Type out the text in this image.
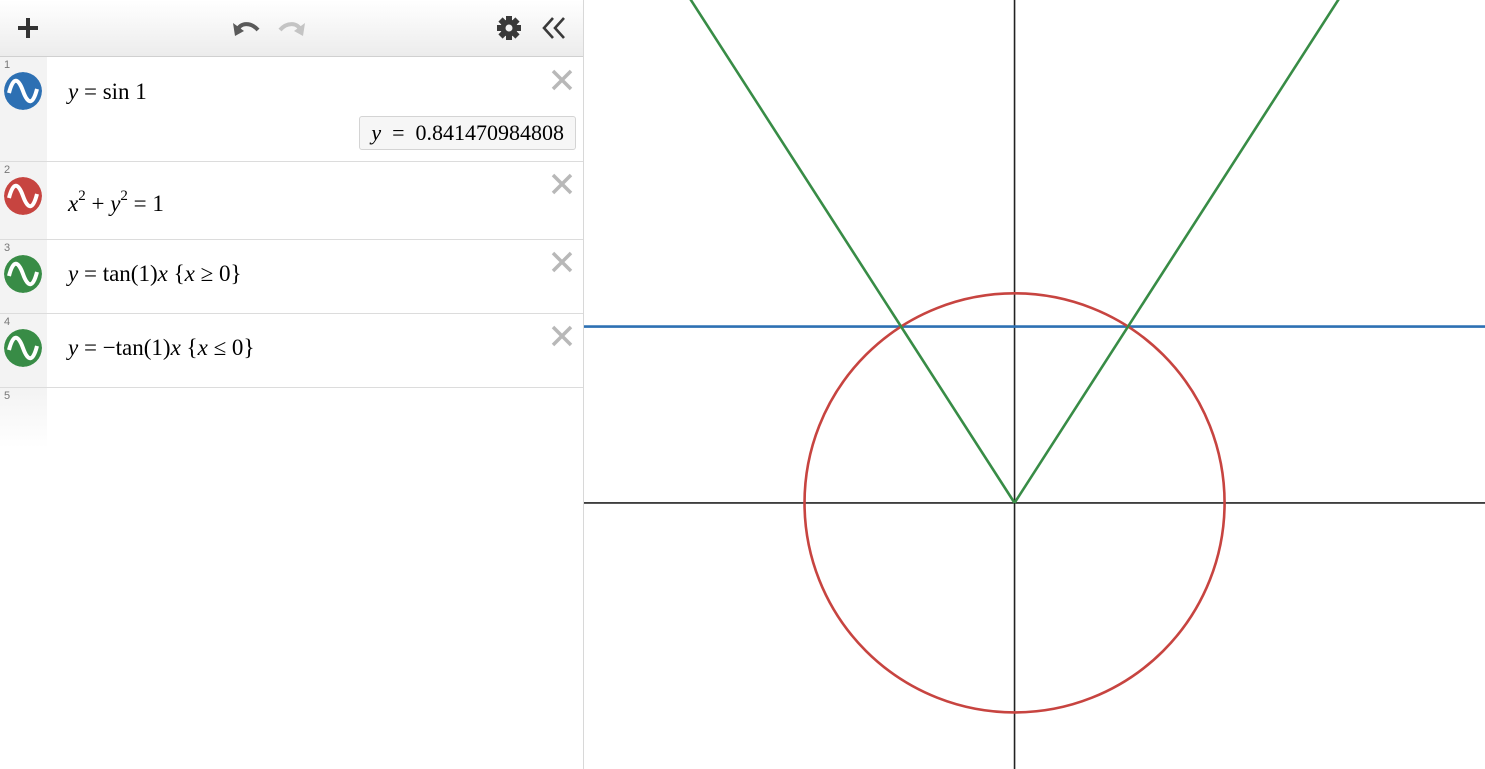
1
y = sin 1
y = 0.841470984808
2
$x^2 + y^2 = 1$
3
y = tan(1)x {x ≥ 0}
4
y = −tan(1)x {x ≤ 0}
5
